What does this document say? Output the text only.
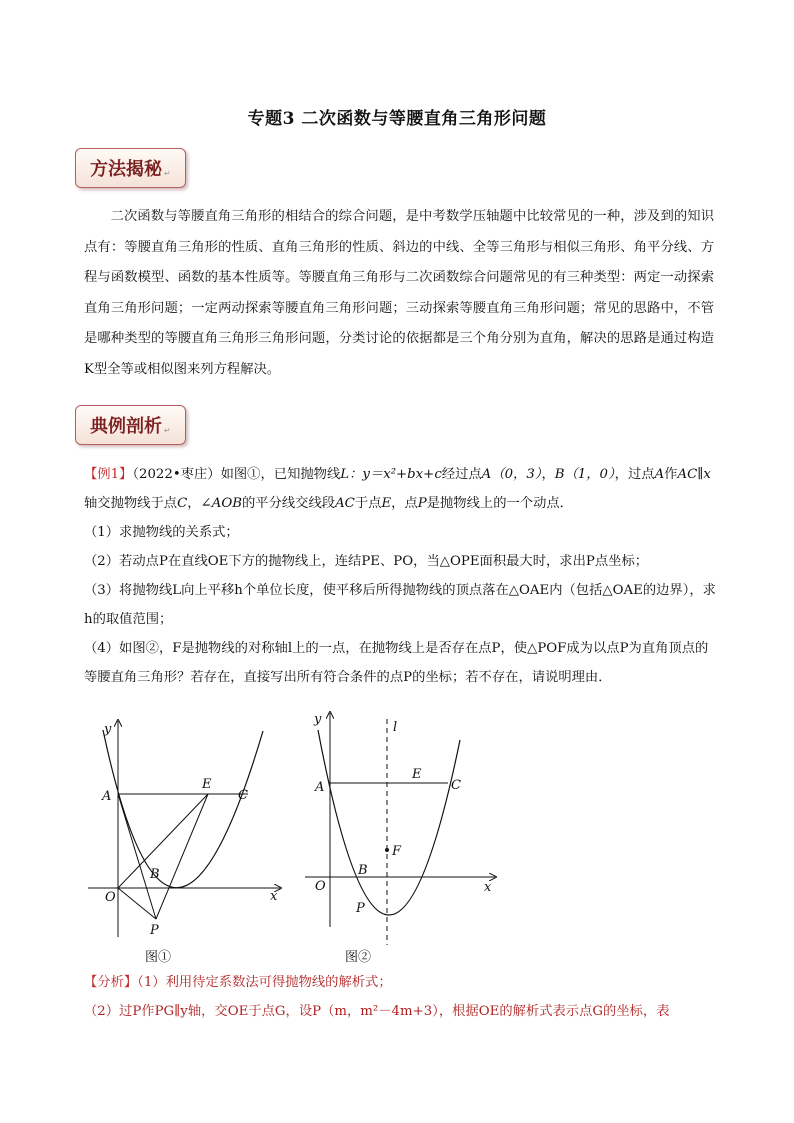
专题3 二次函数与等腰直角三角形问题
方法揭秘 ↵
二次函数与等腰直角三角形的相结合的综合问题，是中考数学压轴题中比较常见的一种，涉及到的知识点有：等腰直角三角形的性质、直角三角形的性质、斜边的中线、全等三角形与相似三角形、角平分线、方程与函数模型、函数的基本性质等。等腰直角三角形与二次函数综合问题常见的有三种类型：两定一动探索直角三角形问题；一定两动探索等腰直角三角形问题；三动探索等腰直角三角形问题；常见的思路中，不管是哪种类型的等腰直角三角形三角形问题，分类讨论的依据都是三个角分别为直角，解决的思路是通过构造K型全等或相似图来列方程解决。
典例剖析 ↵

【例1】（2022•枣庄）如图①，已知抛物线L：y＝x²+bx+c经过点A（0，3），B（1，0），过点A作AC∥x轴交抛物线于点C，∠AOB的平分线交线段AC于点E，点P是抛物线上的一个动点．

（1）求抛物线的关系式；

（2）若动点P在直线OE下方的抛物线上，连结PE、PO，当△OPE面积最大时，求出P点坐标；

（3）将抛物线L向上平移h个单位长度，使平移后所得抛物线的顶点落在△OAE内（包括△OAE的边界），求h的取值范围；

（4）如图②，F是抛物线的对称轴l上的一点，在抛物线上是否存在点P，使△POF成为以点P为直角顶点的等腰直角三角形？若存在，直接写出所有符合条件的点P的坐标；若不存在，请说明理由．

y
A
E
C
B
O
P
x
图①
y
l
A
E
C
F
B
O
P
x
图②

【分析】（1）利用待定系数法可得抛物线的解析式；

（2）过P作PG∥y轴，交OE于点G，设P（m，m²－4m+3），根据OE的解析式表示点G的坐标，表
